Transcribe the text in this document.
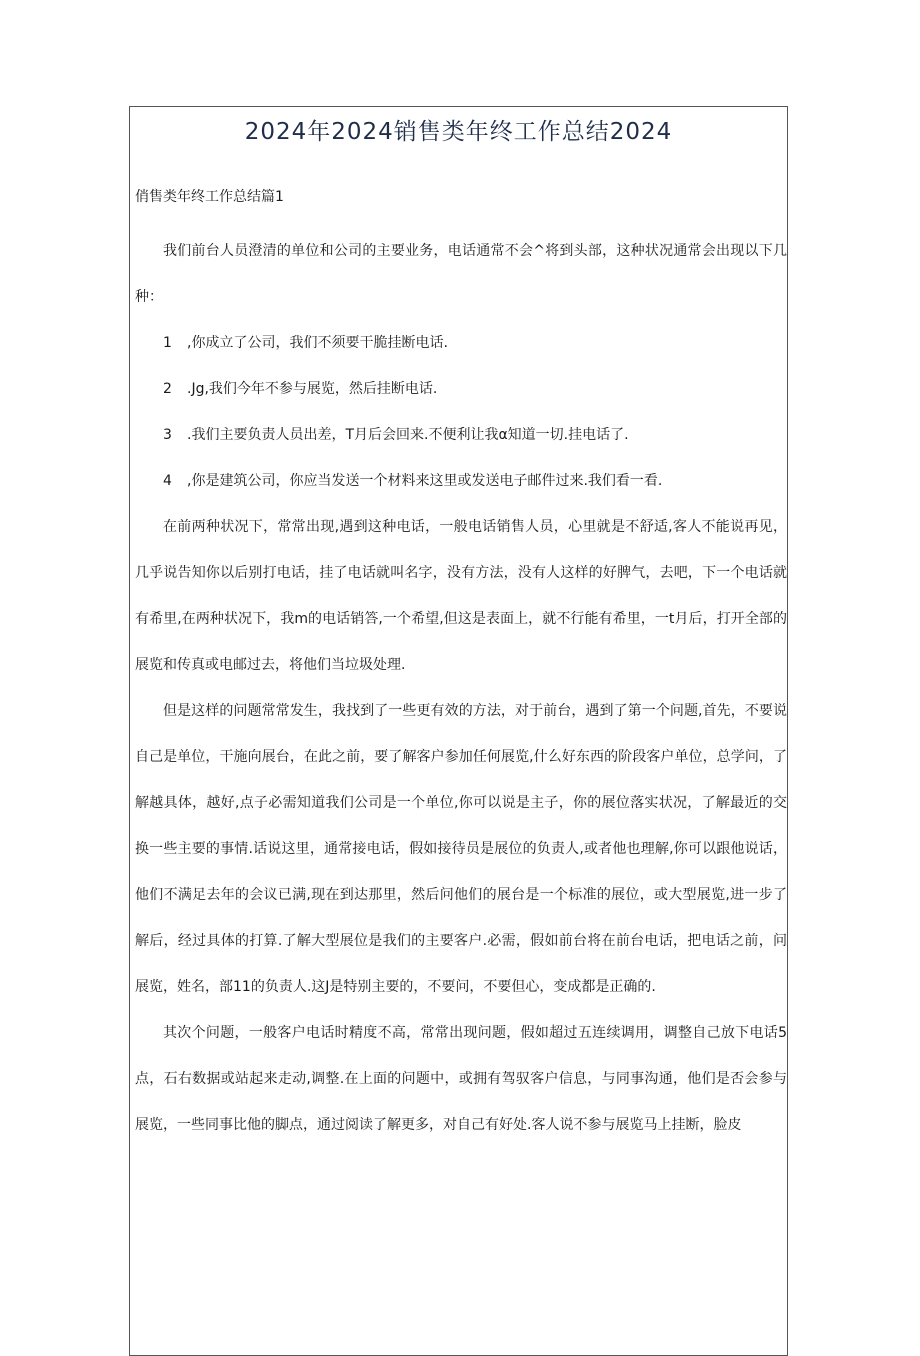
2024年2024销售类年终工作总结2024

俏售类年终工作总结篇1

我们前台人员澄清的单位和公司的主要业务，电话通常不会^将到头部，这种状况通常会出现以下几种：

1 ,你成立了公司，我们不须要干脆挂断电话.

2 .Jg,我们今年不参与展览，然后挂断电话.

3 .我们主要负责人员出差，T月后会回来.不便利让我α知道一切.挂电话了.

4 ,你是建筑公司，你应当发送一个材料来这里或发送电子邮件过来.我们看一看.

在前两种状况下，常常出现,遇到这种电话，一般电话销售人员，心里就是不舒适,客人不能说再见，几乎说告知你以后别打电话，挂了电话就叫名字，没有方法，没有人这样的好脾气，去吧，下一个电话就有希里,在两种状况下，我m的电话销答,一个希望,但这是表面上，就不行能有希里，一t月后，打开全部的展览和传真或电邮过去，将他们当垃圾处理.

但是这样的问题常常发生，我找到了一些更有效的方法，对于前台，遇到了第一个问题,首先，不要说自己是单位，干施向展台，在此之前，要了解客户参加任何展览,什么好东西的阶段客户单位，总学问，了解越具体，越好,点子必需知道我们公司是一个单位,你可以说是主子，你的展位落实状况，了解最近的交换一些主要的事情.话说这里，通常接电话，假如接待员是展位的负责人,或者他也理解,你可以跟他说话，他们不满足去年的会议已满,现在到达那里，然后问他们的展台是一个标准的展位，或大型展览,进一步了解后，经过具体的打算.了解大型展位是我们的主要客户.必需，假如前台将在前台电话，把电话之前，问展览，姓名，部11的负责人.这J是特别主要的，不要问，不要但心，变成都是正确的.

其次个问题，一般客户电话时精度不高，常常出现问题，假如超过五连续调用，调整自己放下电话5点，石右数据或站起来走动,调整.在上面的问题中，或拥有驾驭客户信息，与同事沟通，他们是否会参与展览，一些同事比他的脚点，通过阅读了解更多，对自己有好处.客人说不参与展览马上挂断，脸皮
